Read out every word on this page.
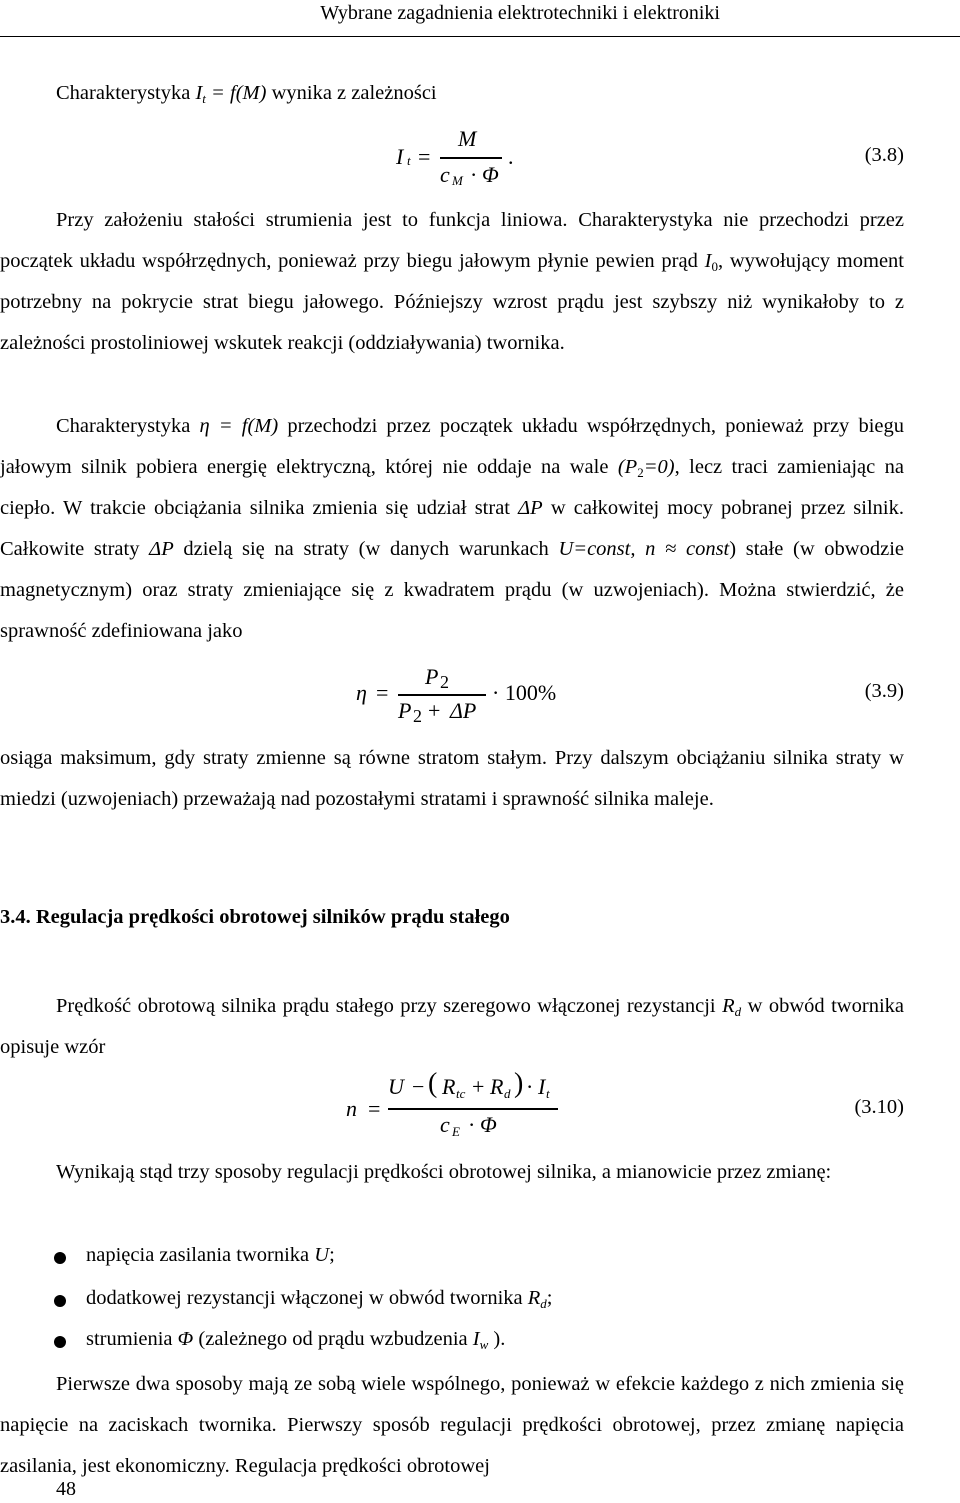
Wybrane zagadnienia elektrotechniki i elektroniki
Charakterystyka $I_t = f(M)$ wynika z zależności
I t =
M
c M · Φ
.	(3.8)
Przy założeniu stałości strumienia jest to funkcja liniowa. Charakterystyka nie przechodzi przez początek układu współrzędnych, ponieważ przy biegu jałowym płynie pewien prąd $I_0$, wywołujący moment potrzebny na pokrycie strat biegu jałowego. Późniejszy wzrost prądu jest szybszy niż wynikałoby to z zależności prostoliniowej wskutek reakcji (oddziaływania) twornika.
Charakterystyka η = f(M) przechodzi przez początek układu współrzędnych, ponieważ przy biegu jałowym silnik pobiera energię elektryczną, której nie oddaje na wale $(P_2=0)$, lecz traci zamieniając na ciepło. W trakcie obciążania silnika zmienia się udział strat ΔP w całkowitej mocy pobranej przez silnik. Całkowite straty ΔP dzielą się na straty (w danych warunkach U=const, n ≈ const) stałe (w obwodzie magnetycznym) oraz straty zmieniające się z kwadratem prądu (w uzwojeniach). Można stwierdzić, że sprawność zdefiniowana jako
η =
P 2
P 2 + ΔP
· 100%	(3.9)
osiąga maksimum, gdy straty zmienne są równe stratom stałym. Przy dalszym obciążaniu silnika straty w miedzi (uzwojeniach) przeważają nad pozostałymi stratami i sprawność silnika maleje.
3.4. Regulacja prędkości obrotowej silników prądu stałego
Prędkość obrotową silnika prądu stałego przy szeregowo włączonej rezystancji $R_d$ w obwód twornika opisuje wzór
n =
U − ( R tc + R d ) · I t
c E · Φ
(3.10)
Wynikają stąd trzy sposoby regulacji prędkości obrotowej silnika, a mianowicie przez zmianę:
napięcia zasilania twornika U;
dodatkowej rezystancji włączonej w obwód twornika $R_d$;
strumienia Φ (zależnego od prądu wzbudzenia $I_w$ ).
Pierwsze dwa sposoby mają ze sobą wiele wspólnego, ponieważ w efekcie każdego z nich zmienia się napięcie na zaciskach twornika. Pierwszy sposób regulacji prędkości obrotowej, przez zmianę napięcia zasilania, jest ekonomiczny. Regulacja prędkości obrotowej
48
